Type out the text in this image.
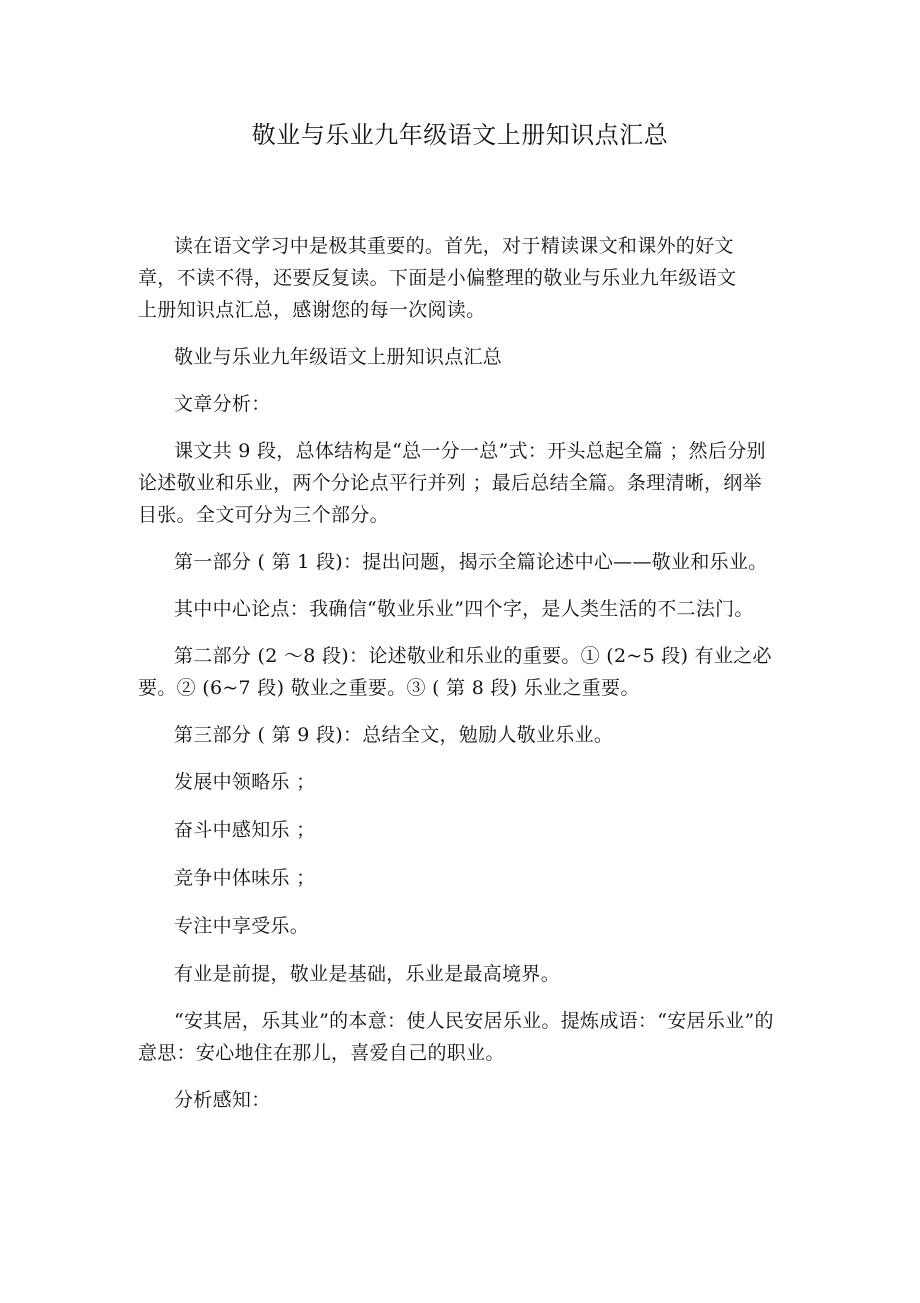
敬业与乐业九年级语文上册知识点汇总

读在语文学习中是极其重要的。首先，对于精读课文和课外的好文章，不读不得，还要反复读。下面是小偏整理的敬业与乐业九年级语文上册知识点汇总，感谢您的每一次阅读。

敬业与乐业九年级语文上册知识点汇总

文章分析：

课文共 9 段，总体结构是“总一分一总”式：开头总起全篇 ；然后分别论述敬业和乐业，两个分论点平行并列 ；最后总结全篇。条理清晰，纲举目张。全文可分为三个部分。

第一部分 ( 第 1 段)：提出问题，揭示全篇论述中心——敬业和乐业。

其中中心论点：我确信“敬业乐业”四个字，是人类生活的不二法门。

第二部分 (2 ～8 段)：论述敬业和乐业的重要。① (2~5 段) 有业之必要。② (6~7 段) 敬业之重要。③ ( 第 8 段) 乐业之重要。

第三部分 ( 第 9 段)：总结全文，勉励人敬业乐业。

发展中领略乐 ；

奋斗中感知乐 ；

竞争中体味乐 ；

专注中享受乐。

有业是前提，敬业是基础，乐业是最高境界。

“安其居，乐其业”的本意：使人民安居乐业。提炼成语：“安居乐业”的意思：安心地住在那儿，喜爱自己的职业。

分析感知：
